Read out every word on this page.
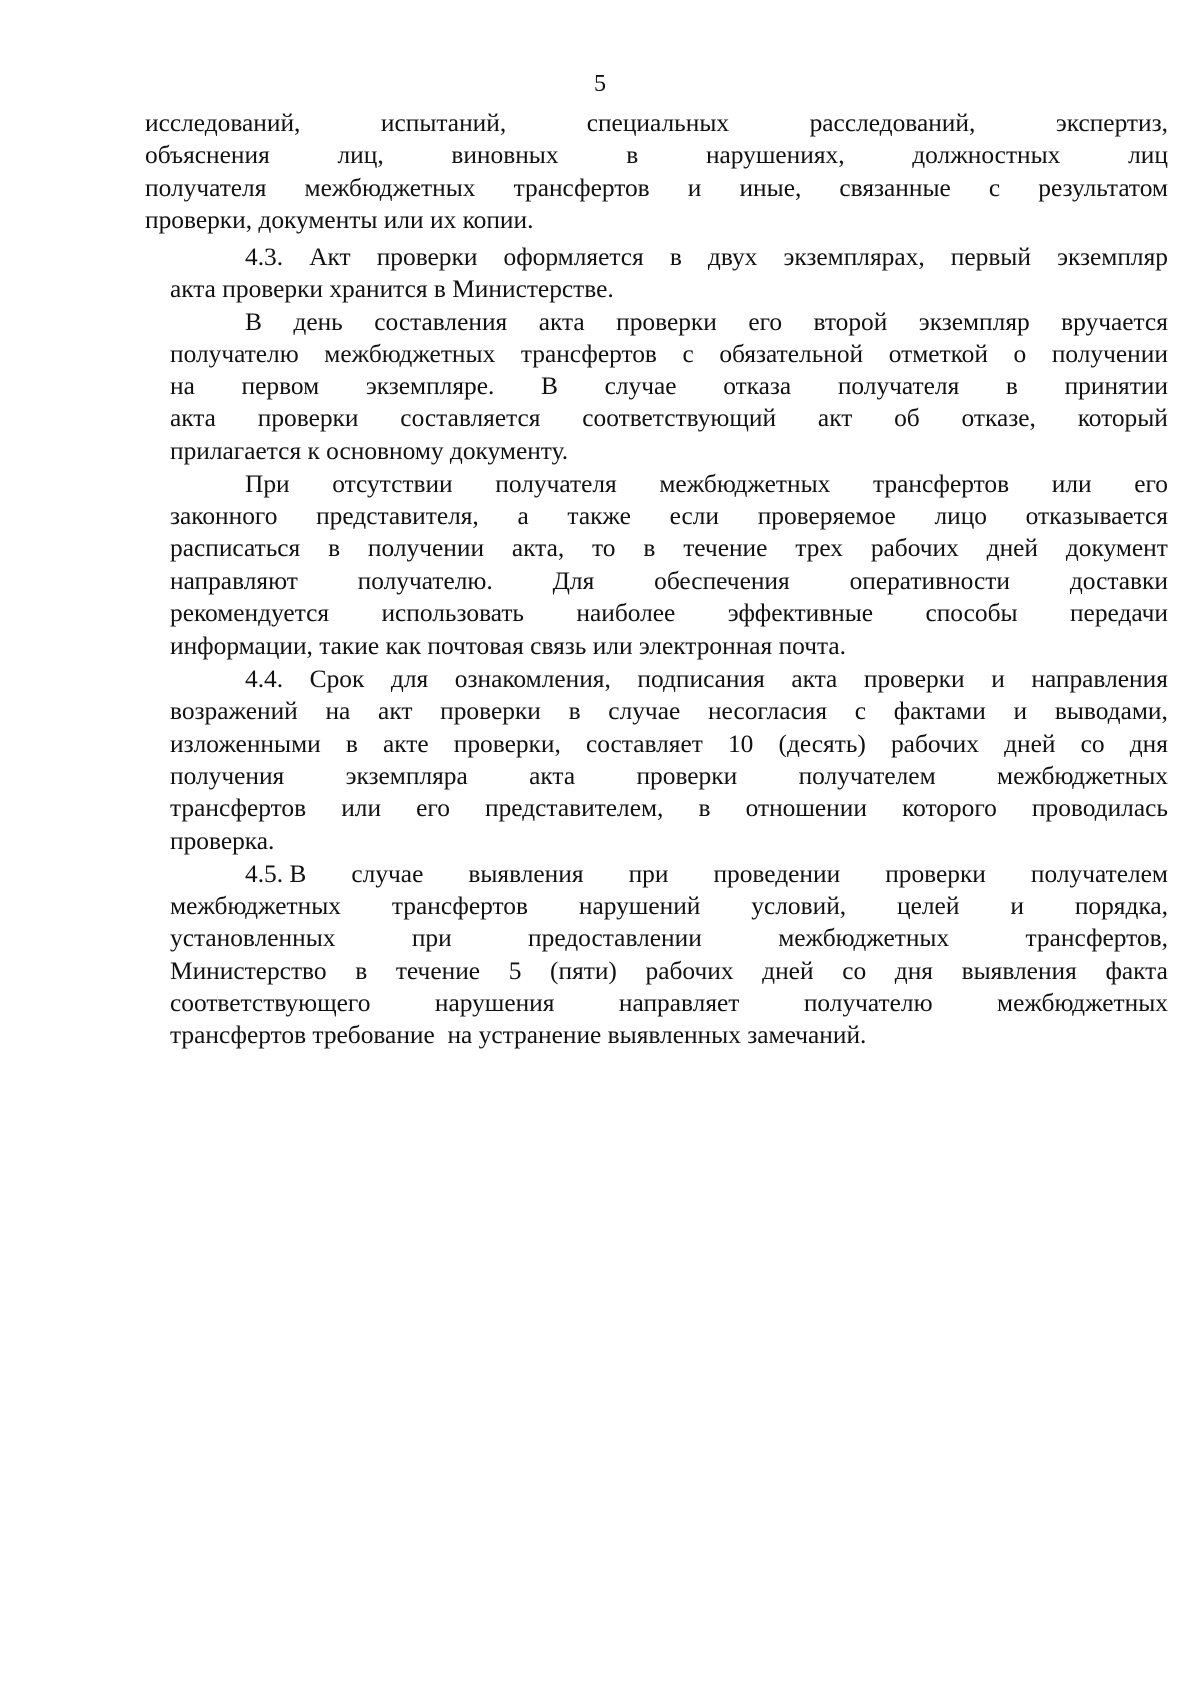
5
исследований,	испытаний,	специальных	расследований,	экспертиз,
объяснения	лиц,	виновных	в	нарушениях,	должностных	лиц
получателя межбюджетных трансфертов и иные, связанные с результатом
проверки, документы или их копии.
4.3. Акт проверки оформляется в двух экземплярах, первый экземпляр
акта проверки хранится в Министерстве.
В день составления акта проверки его второй экземпляр вручается
получателю межбюджетных трансфертов с обязательной отметкой о получении
на первом экземпляре. В случае отказа получателя в принятии
акта проверки составляется соответствующий акт об отказе, который
прилагается к основному документу.
При отсутствии получателя межбюджетных трансфертов или его
законного представителя, а также если проверяемое лицо отказывается
расписаться в получении акта, то в течение трех рабочих дней документ
направляют получателю. Для обеспечения оперативности доставки
рекомендуется использовать наиболее эффективные способы передачи
информации, такие как почтовая связь или электронная почта.
4.4. Срок для ознакомления, подписания акта проверки и направления
возражений на акт проверки в случае несогласия с фактами и выводами,
изложенными в акте проверки, составляет 10 (десять) рабочих дней со дня
получения экземпляра акта проверки получателем межбюджетных
трансфертов или его представителем, в отношении которого проводилась
проверка.
4.5. В случае выявления при проведении проверки получателем
межбюджетных трансфертов нарушений условий, целей и порядка,
установленных	при	предоставлении	межбюджетных	трансфертов,
Министерство в течение 5 (пяти) рабочих дней со дня выявления факта
соответствующего	нарушения	направляет	получателю	межбюджетных
трансфертов требование  на устранение выявленных замечаний.
